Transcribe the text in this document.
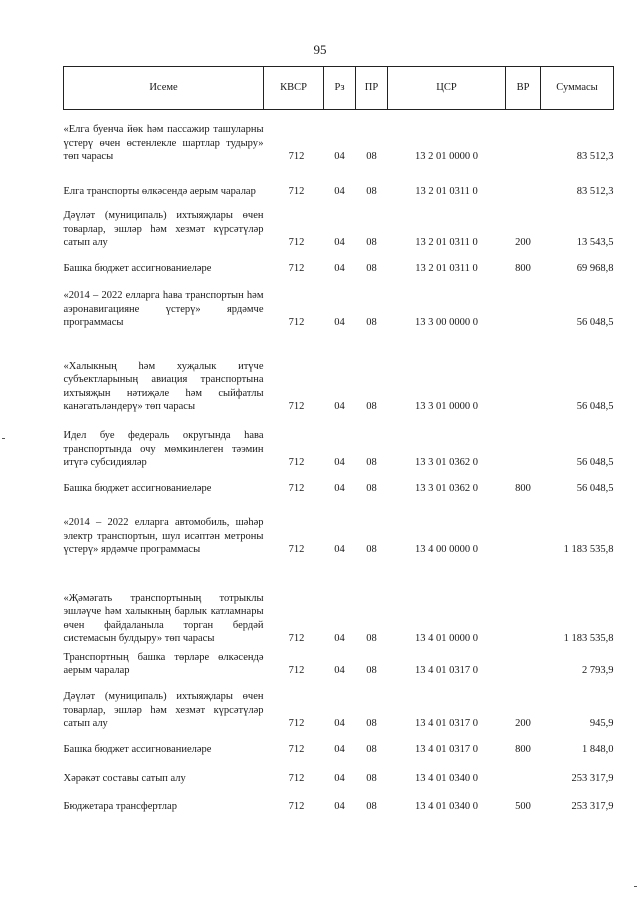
95
Исеме	КВСР	Рз	ПР	ЦСР	ВР	Суммасы
«Елга буенча йөк һәм пассажир ташуларны үстерү өчен өстенлекле шартлар тудыру» төп чарасы	712	04	08	13 2 01 0000 0		83 512,3
Елга транспорты өлкәсендә аерым чаралар	712	04	08	13 2 01 0311 0		83 512,3
Дәүләт (муниципаль) ихтыяҗлары өчен товарлар, эшләр һәм хезмәт күрсәтүләр сатып алу	712	04	08	13 2 01 0311 0	200	13 543,5
Башка бюджет ассигнованиеләре	712	04	08	13 2 01 0311 0	800	69 968,8
«2014 – 2022 елларга һава транспортын һәм аэронавигацияне үстерү» ярдәмче программасы	712	04	08	13 3 00 0000 0		56 048,5
«Халыкның һәм хуҗалык итүче субъектларының авиация транспортына ихтыяҗын нәтиҗәле һәм сыйфатлы канәгатьләндерү» төп чарасы	712	04	08	13 3 01 0000 0		56 048,5
Идел буе федераль округында һава транспортында очу мөмкинлеген тәэмин итүгә субсидияләр	712	04	08	13 3 01 0362 0		56 048,5
Башка бюджет ассигнованиеләре	712	04	08	13 3 01 0362 0	800	56 048,5
«2014 – 2022 елларга автомобиль, шәһәр электр транспортын, шул исәптән метроны үстерү» ярдәмче программасы	712	04	08	13 4 00 0000 0		1 183 535,8
«Җәмәгать транспортының тотрыклы эшләүче һәм халыкның барлык катламнары өчен файдаланыла торган бердәй системасын булдыру» төп чарасы	712	04	08	13 4 01 0000 0		1 183 535,8
Транспортның башка төрләре өлкәсендә аерым чаралар	712	04	08	13 4 01 0317 0		2 793,9
Дәүләт (муниципаль) ихтыяҗлары өчен товарлар, эшләр һәм хезмәт күрсәтүләр сатып алу	712	04	08	13 4 01 0317 0	200	945,9
Башка бюджет ассигнованиеләре	712	04	08	13 4 01 0317 0	800	1 848,0
Хәрәкәт составы сатып алу	712	04	08	13 4 01 0340 0		253 317,9
Бюджетара трансфертлар	712	04	08	13 4 01 0340 0	500	253 317,9
